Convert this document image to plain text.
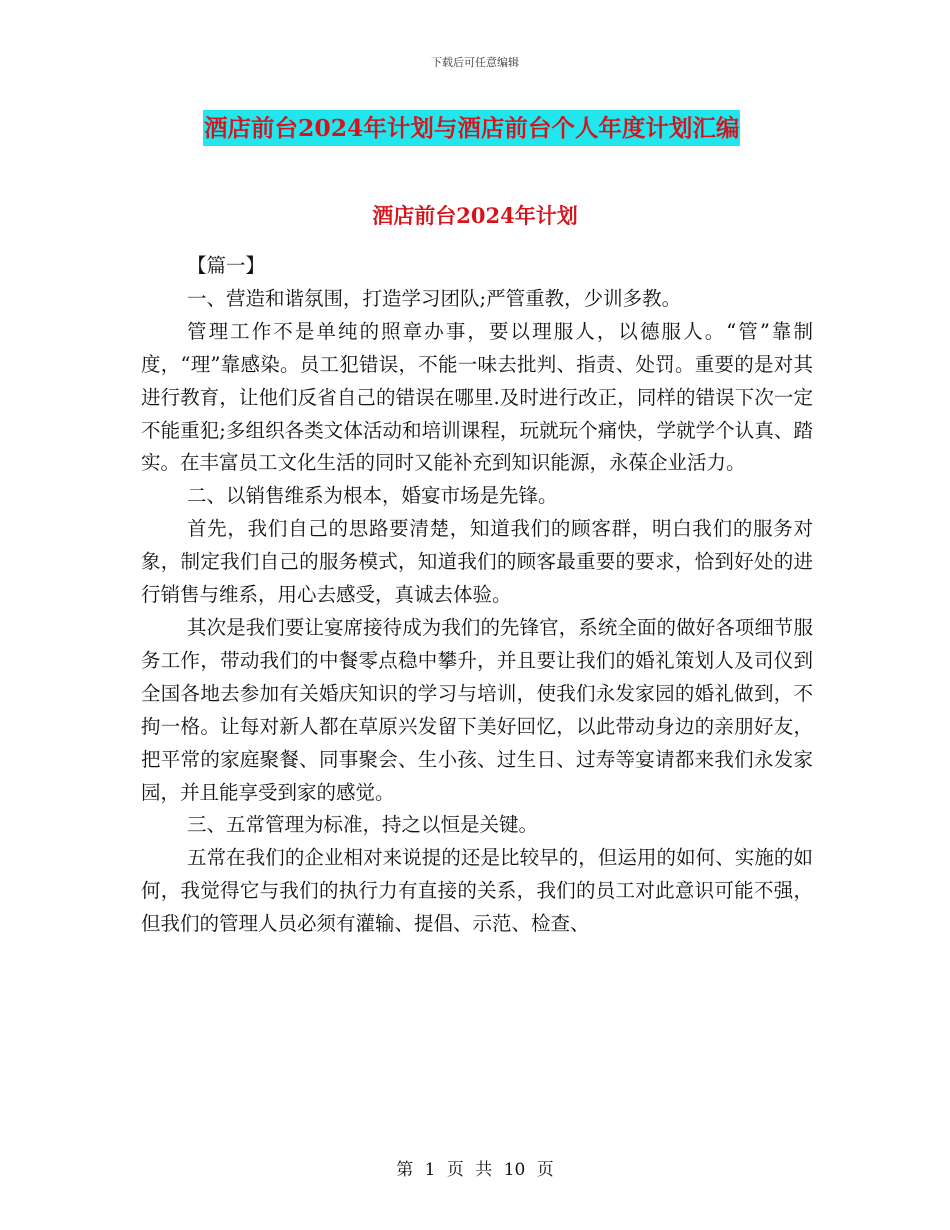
下载后可任意编辑
酒店前台2024年计划与酒店前台个人年度计划汇编
酒店前台2024年计划

【篇一】

一、营造和谐氛围，打造学习团队;严管重教，少训多教。

管理工作不是单纯的照章办事，要以理服人，以德服人。“管”靠制度，“理”靠感染。员工犯错误，不能一味去批判、指责、处罚。重要的是对其进行教育，让他们反省自己的错误在哪里.及时进行改正，同样的错误下次一定不能重犯;多组织各类文体活动和培训课程，玩就玩个痛快，学就学个认真、踏实。在丰富员工文化生活的同时又能补充到知识能源，永葆企业活力。

二、以销售维系为根本，婚宴市场是先锋。

首先，我们自己的思路要清楚，知道我们的顾客群，明白我们的服务对象，制定我们自己的服务模式，知道我们的顾客最重要的要求，恰到好处的进行销售与维系，用心去感受，真诚去体验。

其次是我们要让宴席接待成为我们的先锋官，系统全面的做好各项细节服务工作，带动我们的中餐零点稳中攀升，并且要让我们的婚礼策划人及司仪到全国各地去参加有关婚庆知识的学习与培训，使我们永发家园的婚礼做到，不拘一格。让每对新人都在草原兴发留下美好回忆，以此带动身边的亲朋好友，把平常的家庭聚餐、同事聚会、生小孩、过生日、过寿等宴请都来我们永发家园，并且能享受到家的感觉。

三、五常管理为标准，持之以恒是关键。

五常在我们的企业相对来说提的还是比较早的，但运用的如何、实施的如何，我觉得它与我们的执行力有直接的关系，我们的员工对此意识可能不强，但我们的管理人员必须有灌输、提倡、示范、检查、

第 1 页 共 10 页
